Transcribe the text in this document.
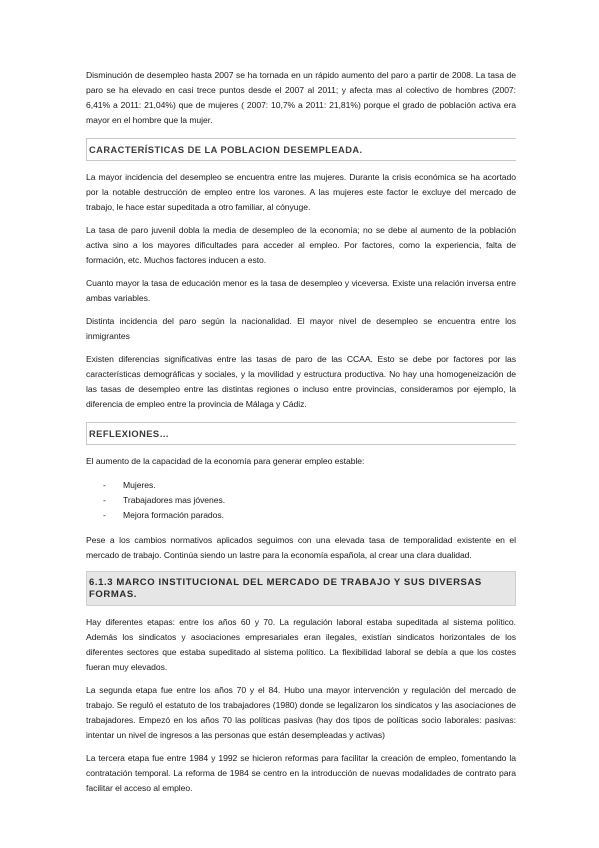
Disminución de desempleo hasta 2007 se ha tornada en un rápido aumento del paro a partir de 2008. La tasa de paro se ha elevado en casi trece puntos desde el 2007 al 2011; y afecta mas al colectivo de hombres (2007: 6,41% a 2011: 21,04%) que de mujeres ( 2007: 10,7% a 2011: 21,81%) porque el grado de población activa era mayor en el hombre que la mujer.

CARACTERÍSTICAS DE LA POBLACION DESEMPLEADA.

La mayor incidencia del desempleo se encuentra entre las mujeres. Durante la crisis económica se ha acortado por la notable destrucción de empleo entre los varones. A las mujeres este factor le excluye del mercado de trabajo, le hace estar supeditada a otro familiar, al cónyuge.

La tasa de paro juvenil dobla la media de desempleo de la economía; no se debe al aumento de la población activa sino a los mayores dificultades para acceder al empleo. Por factores, como la experiencia, falta de formación, etc. Muchos factores inducen a esto.

Cuanto mayor la tasa de educación menor es la tasa de desempleo y viceversa. Existe una relación inversa entre ambas variables.

Distinta incidencia del paro según la nacionalidad. El mayor nivel de desempleo se encuentra entre los inmigrantes

Existen diferencias significativas entre las tasas de paro de las CCAA. Esto se debe por factores por las características demográficas y sociales, y la movilidad y estructura productiva. No hay una homogeneización de las tasas de desempleo entre las distintas regiones o incluso entre provincias, consideramos por ejemplo, la diferencia de empleo entre la provincia de Málaga y Cádiz.

REFLEXIONES…

El aumento de la capacidad de la economía para generar empleo estable:

- Mujeres.
- Trabajadores mas jóvenes.
- Mejora formación parados.

Pese a los cambios normativos aplicados seguimos con una elevada tasa de temporalidad existente en el mercado de trabajo. Continúa siendo un lastre para la economía española, al crear una clara dualidad.

6.1.3 MARCO INSTITUCIONAL DEL MERCADO DE TRABAJO Y SUS DIVERSAS FORMAS.

Hay diferentes etapas: entre los años 60 y 70. La regulación laboral estaba supeditada al sistema político. Además los sindicatos y asociaciones empresariales eran ilegales, existían sindicatos horizontales de los diferentes sectores que estaba supeditado al sistema político. La flexibilidad laboral se debía a que los costes fueran muy elevados.

La segunda etapa fue entre los años 70 y el 84. Hubo una mayor intervención y regulación del mercado de trabajo. Se reguló el estatuto de los trabajadores (1980) donde se legalizaron los sindicatos y las asociaciones de trabajadores. Empezó en los años 70 las políticas pasivas (hay dos tipos de políticas socio laborales: pasivas: intentar un nivel de ingresos a las personas que están desempleadas y activas)

La tercera etapa fue entre 1984 y 1992 se hicieron reformas para facilitar la creación de empleo, fomentando la contratación temporal. La reforma de 1984 se centro en la introducción de nuevas modalidades de contrato para facilitar el acceso al empleo.
